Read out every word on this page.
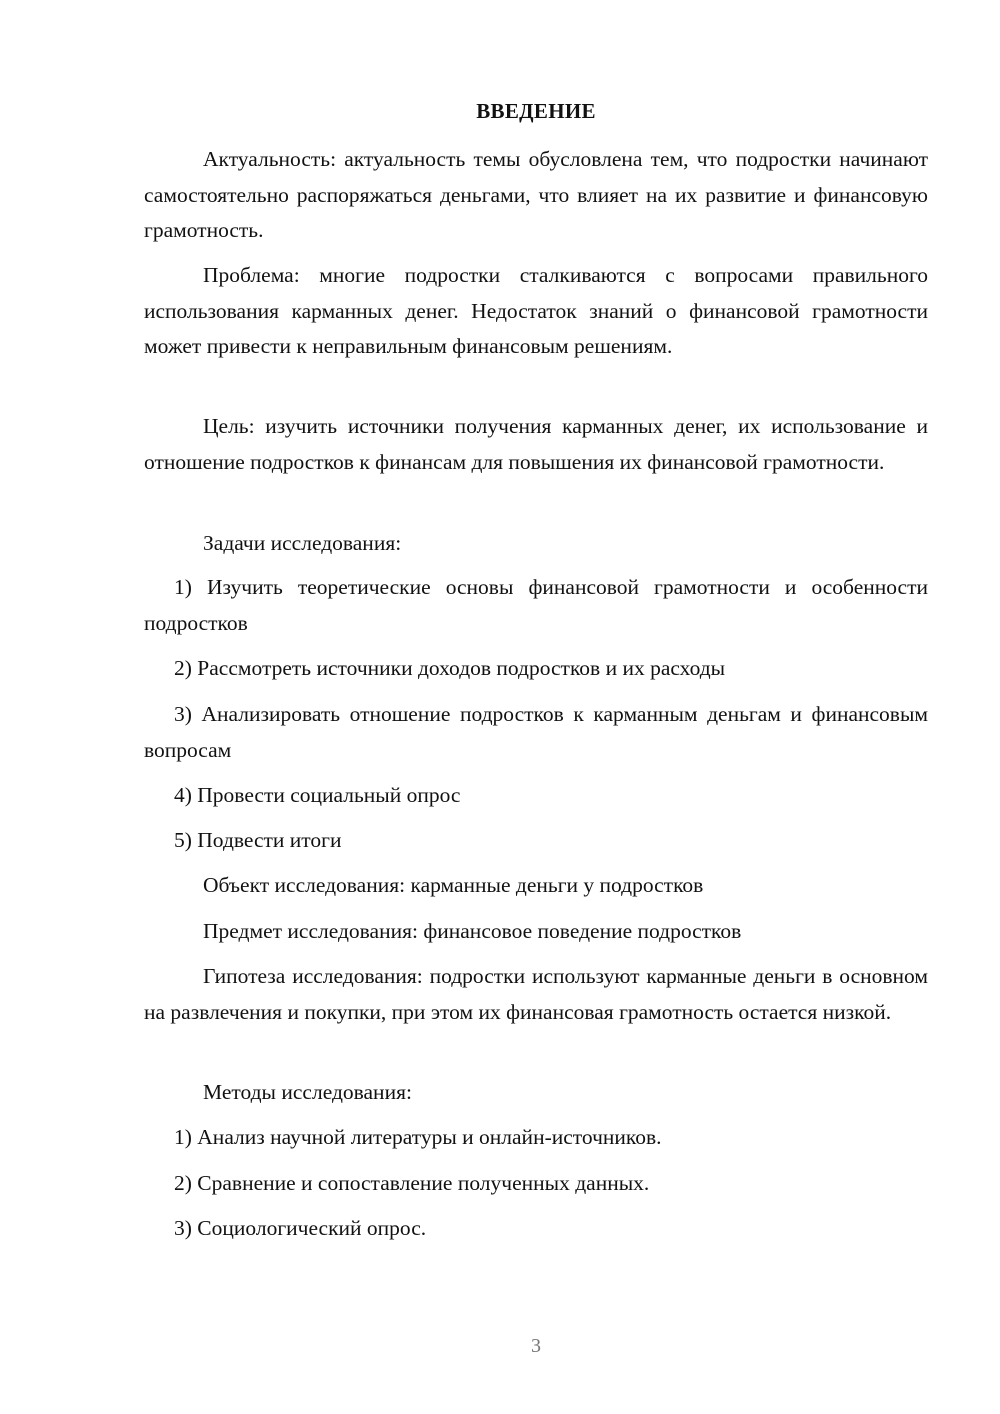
ВВЕДЕНИЕ

Актуальность: актуальность темы обусловлена тем, что подростки начинают самостоятельно распоряжаться деньгами, что влияет на их развитие и финансовую грамотность.

Проблема: многие подростки сталкиваются с вопросами правильного использования карманных денег. Недостаток знаний о финансовой грамотности может привести к неправильным финансовым решениям.

Цель: изучить источники получения карманных денег, их использование и отношение подростков к финансам для повышения их финансовой грамотности.

Задачи исследования:

1) Изучить теоретические основы финансовой грамотности и особенности подростков

2) Рассмотреть источники доходов подростков и их расходы

3) Анализировать отношение подростков к карманным деньгам и финансовым вопросам

4) Провести социальный опрос

5) Подвести итоги

Объект исследования: карманные деньги у подростков

Предмет исследования: финансовое поведение подростков

Гипотеза исследования: подростки используют карманные деньги в основном на развлечения и покупки, при этом их финансовая грамотность остается низкой.

Методы исследования:

1) Анализ научной литературы и онлайн-источников.

2) Сравнение и сопоставление полученных данных.

3) Социологический опрос.

3
